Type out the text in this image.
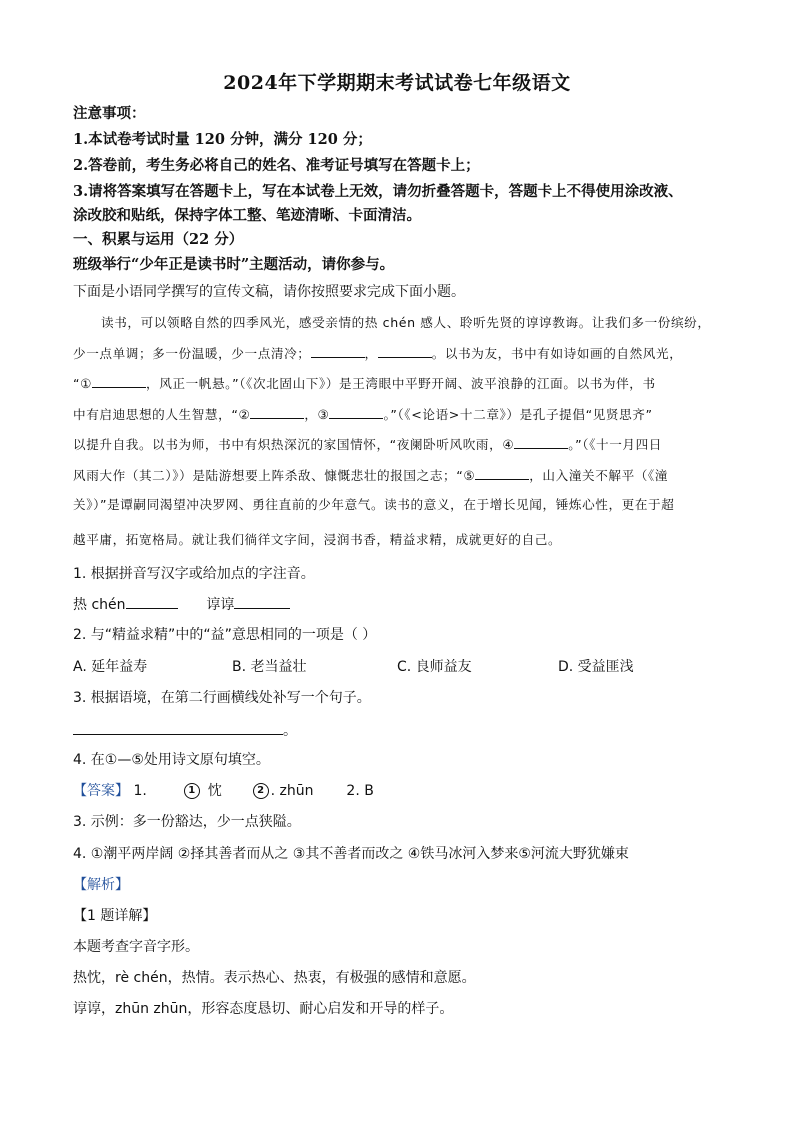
2024年下学期期末考试试卷七年级语文
注意事项：
1.本试卷考试时量 120 分钟，满分 120 分；
2.答卷前，考生务必将自己的姓名、准考证号填写在答题卡上；
3.请将答案填写在答题卡上，写在本试卷上无效，请勿折叠答题卡，答题卡上不得使用涂改液、
涂改胶和贴纸，保持字体工整、笔迹清晰、卡面清洁。
一、积累与运用（22 分）
班级举行“少年正是读书时”主题活动，请你参与。
下面是小语同学撰写的宣传文稿，请你按照要求完成下面小题。
读书，可以领略自然的四季风光，感受亲情的热 chén 感人、聆听先贤的谆谆教诲。让我们多一份缤纷，
少一点单调；多一份温暖，少一点清冷；	，	。以书为友，书中有如诗如画的自然风光，
“①	，风正一帆悬。”（《次北固山下》）是王湾眼中平野开阔、波平浪静的江面。以书为伴，书
中有启迪思想的人生智慧，“②	，③	。”（《<论语>十二章》）是孔子提倡“见贤思齐”
以提升自我。以书为师，书中有炽热深沉的家国情怀，“夜阑卧听风吹雨，④	。”（《十一月四日
风雨大作（其二）》）是陆游想要上阵杀敌、慷慨悲壮的报国之志；“⑤	，山入潼关不解平（《潼
关》）”是谭嗣同渴望冲决罗网、勇往直前的少年意气。读书的意义，在于增长见闻，锤炼心性，更在于超
越平庸，拓宽格局。就让我们徜徉文字间，浸润书香，精益求精，成就更好的自己。
1. 根据拼音写汉字或给加点的字注音。
热 chén	谆谆
2. 与“精益求精”中的“益”意思相同的一项是（ ）
A. 延年益寿	B. 老当益壮	C. 良师益友	D. 受益匪浅
3. 根据语境，在第二行画横线处补写一个句子。
。
4. 在①—⑤处用诗文原句填空。
【答案】 1.	1 忱	2 . zhūn 2. B
3. 示例：多一份豁达，少一点狭隘。
4. ①潮平两岸阔 ②择其善者而从之 ③其不善者而改之 ④铁马冰河入梦来⑤河流大野犹嫌束
【解析】
【1 题详解】
本题考查字音字形。
热忱，rè chén，热情。表示热心、热衷，有极强的感情和意愿。
谆谆，zhūn zhūn，形容态度恳切、耐心启发和开导的样子。
